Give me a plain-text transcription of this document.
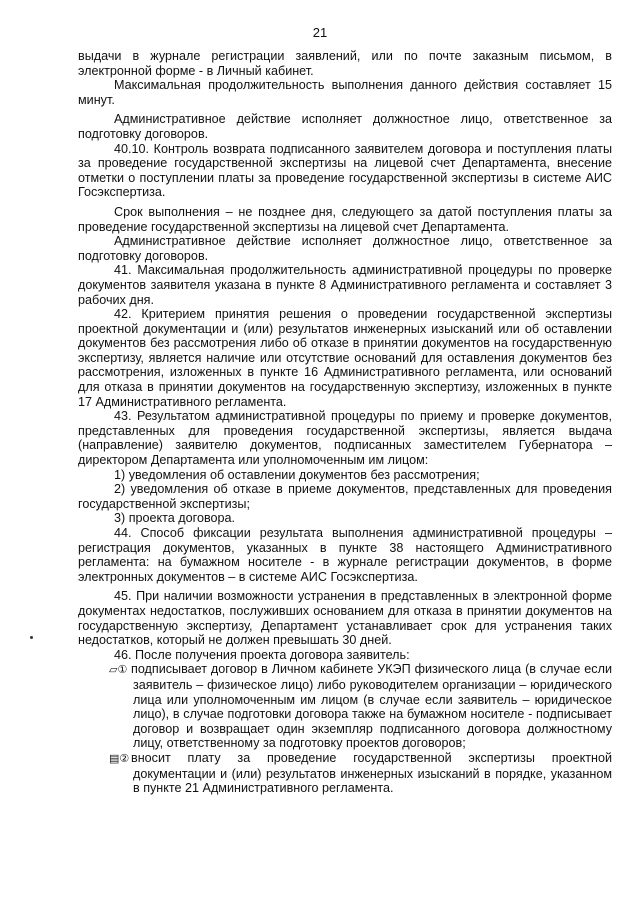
21

выдачи в журнале регистрации заявлений, или по почте заказным письмом, в электронной форме - в Личный кабинет.

Максимальная продолжительность выполнения данного действия составляет 15 минут.

Административное действие исполняет должностное лицо, ответственное за подготовку договоров.

40.10. Контроль возврата подписанного заявителем договора и поступления платы за проведение государственной экспертизы на лицевой счет Департамента, внесение отметки о поступлении платы за проведение государственной экспертизы в системе АИС Госэкспертиза.

Срок выполнения – не позднее дня, следующего за датой поступления платы за проведение государственной экспертизы на лицевой счет Департамента.

Административное действие исполняет должностное лицо, ответственное за подготовку договоров.

41. Максимальная продолжительность административной процедуры по проверке документов заявителя указана в пункте 8 Административного регламента и составляет 3 рабочих дня.

42. Критерием принятия решения о проведении государственной экспертизы проектной документации и (или) результатов инженерных изысканий или об оставлении документов без рассмотрения либо об отказе в принятии документов на государственную экспертизу, является наличие или отсутствие оснований для оставления документов без рассмотрения, изложенных в пункте 16 Административного регламента, или оснований для отказа в принятии документов на государственную экспертизу, изложенных в пункте 17 Административного регламента.

43. Результатом административной процедуры по приему и проверке документов, представленных для проведения государственной экспертизы, является выдача (направление) заявителю документов, подписанных заместителем Губернатора – директором Департамента или уполномоченным им лицом:

1) уведомления об оставлении документов без рассмотрения;

2) уведомления об отказе в приеме документов, представленных для проведения государственной экспертизы;

3) проекта договора.

44. Способ фиксации результата выполнения административной процедуры – регистрация документов, указанных в пункте 38 настоящего Административного регламента: на бумажном носителе - в журнале регистрации документов, в форме электронных документов – в системе АИС Госэкспертиза.

45. При наличии возможности устранения в представленных в электронной форме документах недостатков, послуживших основанием для отказа в принятии документов на государственную экспертизу, Департамент устанавливает срок для устранения таких недостатков, который не должен превышать 30 дней.

46. После получения проекта договора заявитель:

▱① подписывает договор в Личном кабинете УКЭП физического лица (в случае если заявитель – физическое лицо) либо руководителем организации – юридического лица или уполномоченным им лицом (в случае если заявитель – юридическое лицо), в случае подготовки договора также на бумажном носителе - подписывает договор и возвращает один экземпляр подписанного договора должностному лицу, ответственному за подготовку проектов договоров;

▤② вносит плату за проведение государственной экспертизы проектной документации и (или) результатов инженерных изысканий в порядке, указанном в пункте 21 Административного регламента.
